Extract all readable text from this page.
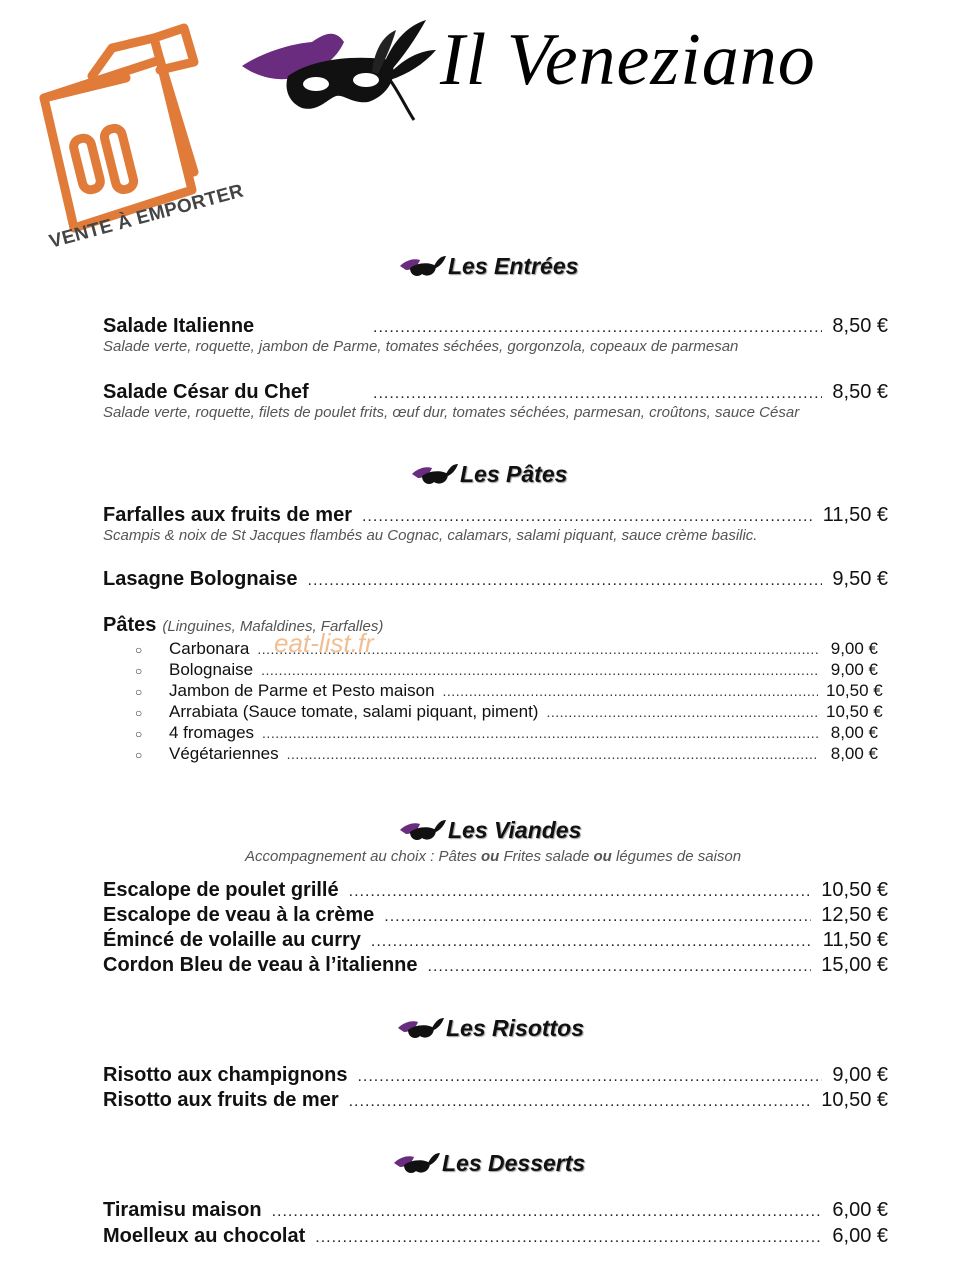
VENTE À EMPORTER
Il Veneziano
Les Entrées
Salade Italienne .....	8,50 €
Salade verte, roquette, jambon de Parme, tomates séchées, gorgonzola, copeaux de parmesan
Salade César du Chef .....	8,50 €
Salade verte, roquette, filets de poulet frits, œuf dur, tomates séchées, parmesan, croûtons, sauce César
Les Pâtes
Farfalles aux fruits de mer .....	11,50 €
Scampis & noix de St Jacques flambés au Cognac, calamars, salami piquant, sauce crème basilic.
Lasagne Bolognaise .....	9,50 €
Pâtes (Linguines, Mafaldines, Farfalles)
○	Carbonara .....	9,00 €
○	Bolognaise .....	9,00 €
○	Jambon de Parme et Pesto maison .....	10,50 €
○	Arrabiata (Sauce tomate, salami piquant, piment) .....	10,50 €
○	4 fromages .....	8,00 €
○	Végétariennes .....	8,00 €
eat-list.fr
Les Viandes
Accompagnement au choix : Pâtes ou Frites salade ou légumes de saison
Escalope de poulet grillé .....	10,50 €
Escalope de veau à la crème .....	12,50 €
Émincé de volaille au curry .....	11,50 €
Cordon Bleu de veau à l’italienne .....	15,00 €
Les Risottos
Risotto aux champignons .....	9,00 €
Risotto aux fruits de mer .....	10,50 €
Les Desserts
Tiramisu maison .....	6,00 €
Moelleux au chocolat .....	6,00 €
